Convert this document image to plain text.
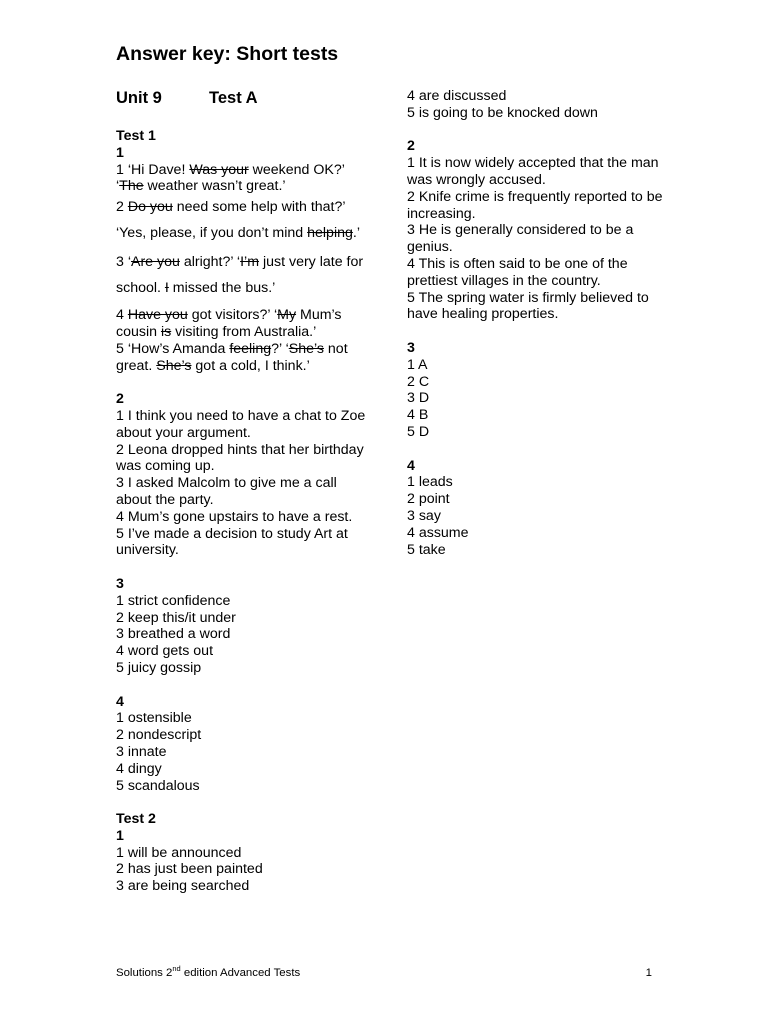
Answer key: Short tests
Unit 9	Test A
Test 1
1
1 ‘Hi Dave! Was your weekend OK?’ ‘The weather wasn’t great.’
2 Do you need some help with that?’ ‘Yes, please, if you don’t mind helping.’
3 ‘Are you alright?’ ‘I’m just very late for school. I missed the bus.’
4 Have you got visitors?’ ‘My Mum’s cousin is visiting from Australia.’
5 ‘How’s Amanda feeling?’ ‘She’s not great. She’s got a cold, I think.’
2
1 I think you need to have a chat to Zoe about your argument.
2 Leona dropped hints that her birthday was coming up.
3 I asked Malcolm to give me a call about the party.
4 Mum’s gone upstairs to have a rest.
5 I’ve made a decision to study Art at university.
3
1 strict confidence
2 keep this/it under
3 breathed a word
4 word gets out
5 juicy gossip
4
1 ostensible
2 nondescript
3 innate
4 dingy
5 scandalous
Test 2
1
1 will be announced
2 has just been painted
3 are being searched
4 are discussed
5 is going to be knocked down
2
1 It is now widely accepted that the man was wrongly accused.
2 Knife crime is frequently reported to be increasing.
3 He is generally considered to be a genius.
4 This is often said to be one of the prettiest villages in the country.
5 The spring water is firmly believed to have healing properties.
3
1 A
2 C
3 D
4 B
5 D
4
1 leads
2 point
3 say
4 assume
5 take
Solutions 2nd edition Advanced Tests	1
